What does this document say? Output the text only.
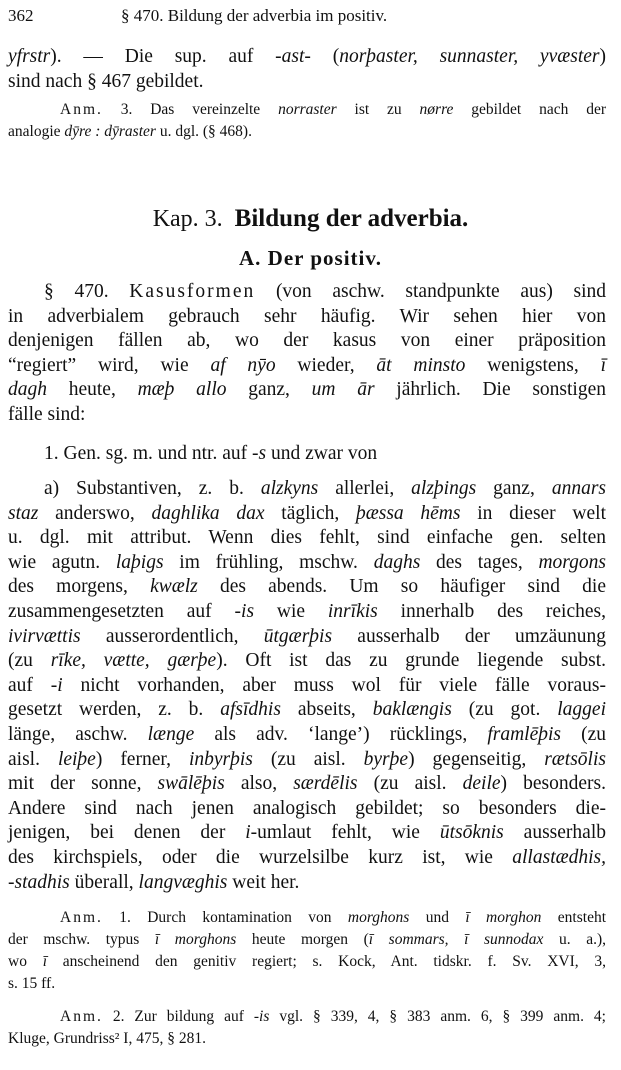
362	§ 470. Bildung der adverbia im positiv.
yfrstr). — Die sup. auf -ast- (norþaster, sunnaster, yvæster)
sind nach § 467 gebildet.
Anm. 3. Das vereinzelte norraster ist zu nørre gebildet nach der
analogie dȳre : dȳraster u. dgl. (§ 468).
Kap. 3. Bildung der adverbia.
A. Der positiv.
§ 470. Kasusformen (von aschw. standpunkte aus) sind
in adverbialem gebrauch sehr häufig. Wir sehen hier von
denjenigen fällen ab, wo der kasus von einer präposition
“regiert” wird, wie af nȳo wieder, āt minsto wenigstens, ī
dagh heute, mæþ allo ganz, um ār jährlich. Die sonstigen
fälle sind:
1. Gen. sg. m. und ntr. auf -s und zwar von
a) Substantiven, z. b. alzkyns allerlei, alzþings ganz, annars
staz anderswo, daghlika dax täglich, þæssa hēms in dieser welt
u. dgl. mit attribut. Wenn dies fehlt, sind einfache gen. selten
wie agutn. laþigs im frühling, mschw. daghs des tages, morgons
des morgens, kwælz des abends. Um so häufiger sind die
zusammengesetzten auf -is wie inrīkis innerhalb des reiches,
ivirvættis ausserordentlich, ūtgærþis ausserhalb der umzäunung
(zu rīke, vætte, gærþe). Oft ist das zu grunde liegende subst.
auf -i nicht vorhanden, aber muss wol für viele fälle voraus-
gesetzt werden, z. b. afsīdhis abseits, baklængis (zu got. laggei
länge, aschw. længe als adv. ‘lange’) rücklings, framlēþis (zu
aisl. leiþe) ferner, inbyrþis (zu aisl. byrþe) gegenseitig, rætsōlis
mit der sonne, swālēþis also, særdēlis (zu aisl. deile) besonders.
Andere sind nach jenen analogisch gebildet; so besonders die-
jenigen, bei denen der i-umlaut fehlt, wie ūtsōknis ausserhalb
des kirchspiels, oder die wurzelsilbe kurz ist, wie allastædhis,
-stadhis überall, langvæghis weit her.
Anm. 1. Durch kontamination von morghons und ī morghon entsteht
der mschw. typus ī morghons heute morgen (ī sommars, ī sunnodax u. a.),
wo ī anscheinend den genitiv regiert; s. Kock, Ant. tidskr. f. Sv. XVI, 3,
s. 15 ff.
Anm. 2. Zur bildung auf -is vgl. § 339, 4, § 383 anm. 6, § 399 anm. 4;
Kluge, Grundriss² I, 475, § 281.
